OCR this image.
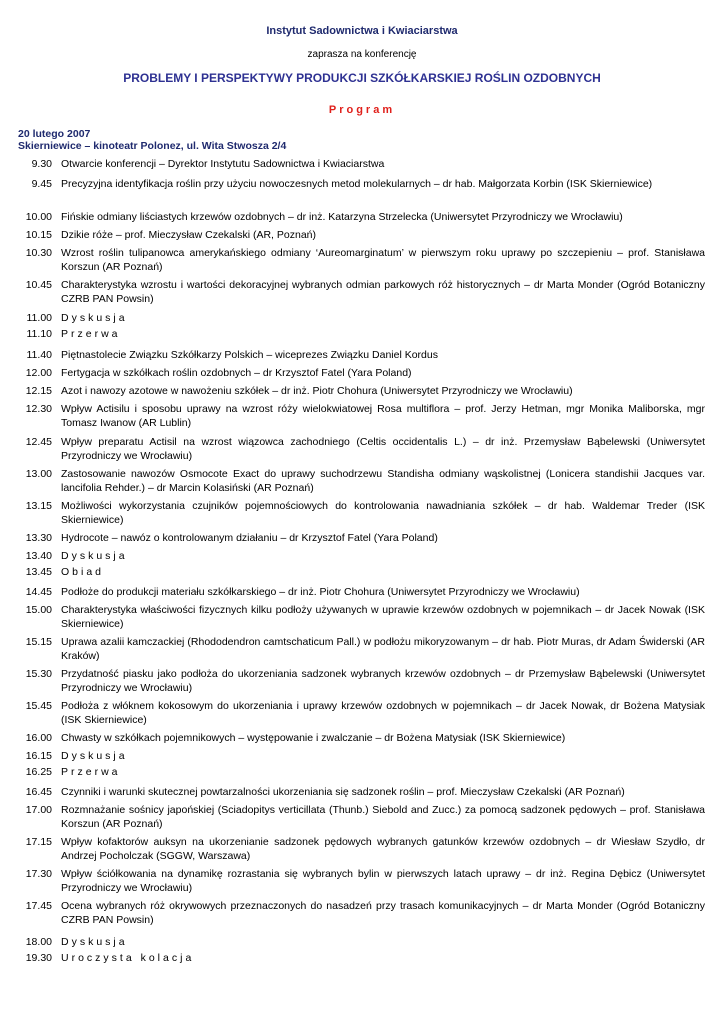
Instytut Sadownictwa i Kwiaciarstwa
zaprasza na konferencję
PROBLEMY I PERSPEKTYWY PRODUKCJI SZKÓŁKARSKIEJ ROŚLIN OZDOBNYCH
Program
20 lutego 2007
Skierniewice – kinoteatr Polonez, ul. Wita Stwosza 2/4
9.30 Otwarcie konferencji – Dyrektor Instytutu Sadownictwa i Kwiaciarstwa
9.45 Precyzyjna identyfikacja roślin przy użyciu nowoczesnych metod molekularnych – dr hab. Małgorzata Korbin (ISK Skierniewice)
10.00 Fińskie odmiany liściastych krzewów ozdobnych – dr inż. Katarzyna Strzelecka (Uniwersytet Przyrodniczy we Wrocławiu)
10.15 Dzikie róże – prof. Mieczysław Czekalski (AR, Poznań)
10.30 Wzrost roślin tulipanowca amerykańskiego odmiany ‘Aureomarginatum’ w pierwszym roku uprawy po szczepieniu – prof. Stanisława Korszun (AR Poznań)
10.45 Charakterystyka wzrostu i wartości dekoracyjnej wybranych odmian parkowych róż historycznych – dr Marta Monder (Ogród Botaniczny CZRB PAN Powsin)
11.00 Dyskusja
11.10 Przerwa
11.40 Piętnastolecie Związku Szkółkarzy Polskich – wiceprezes Związku Daniel Kordus
12.00 Fertygacja w szkółkach roślin ozdobnych – dr Krzysztof Fatel (Yara Poland)
12.15 Azot i nawozy azotowe w nawożeniu szkółek – dr inż. Piotr Chohura (Uniwersytet Przyrodniczy we Wrocławiu)
12.30 Wpływ Actisilu i sposobu uprawy na wzrost róży wielokwiatowej Rosa multiflora – prof. Jerzy Hetman, mgr Monika Maliborska, mgr Tomasz Iwanow (AR Lublin)
12.45 Wpływ preparatu Actisil na wzrost wiązowca zachodniego (Celtis occidentalis L.) – dr inż. Przemysław Bąbelewski (Uniwersytet Przyrodniczy we Wrocławiu)
13.00 Zastosowanie nawozów Osmocote Exact do uprawy suchodrzewu Standisha odmiany wąskolistnej (Lonicera standishii Jacques var. lancifolia Rehder.) – dr Marcin Kolasiński (AR Poznań)
13.15 Możliwości wykorzystania czujników pojemnościowych do kontrolowania nawadniania szkółek – dr hab. Waldemar Treder (ISK Skierniewice)
13.30 Hydrocote – nawóz o kontrolowanym działaniu – dr Krzysztof Fatel (Yara Poland)
13.40 Dyskusja
13.45 Obiad
14.45 Podłoże do produkcji materiału szkółkarskiego – dr inż. Piotr Chohura (Uniwersytet Przyrodniczy we Wrocławiu)
15.00 Charakterystyka właściwości fizycznych kilku podłoży używanych w uprawie krzewów ozdobnych w pojemnikach – dr Jacek Nowak (ISK Skierniewice)
15.15 Uprawa azalii kamczackiej (Rhododendron camtschaticum Pall.) w podłożu mikoryzowanym – dr hab. Piotr Muras, dr Adam Świderski (AR Kraków)
15.30 Przydatność piasku jako podłoża do ukorzeniania sadzonek wybranych krzewów ozdobnych – dr Przemysław Bąbelewski (Uniwersytet Przyrodniczy we Wrocławiu)
15.45 Podłoża z włóknem kokosowym do ukorzeniania i uprawy krzewów ozdobnych w pojemnikach – dr Jacek Nowak, dr Bożena Matysiak (ISK Skierniewice)
16.00 Chwasty w szkółkach pojemnikowych – występowanie i zwalczanie – dr Bożena Matysiak (ISK Skierniewice)
16.15 Dyskusja
16.25 Przerwa
16.45 Czynniki i warunki skutecznej powtarzalności ukorzeniania się sadzonek roślin – prof. Mieczysław Czekalski (AR Poznań)
17.00 Rozmnażanie sośnicy japońskiej (Sciadopitys verticillata (Thunb.) Siebold and Zucc.) za pomocą sadzonek pędowych – prof. Stanisława Korszun (AR Poznań)
17.15 Wpływ kofaktorów auksyn na ukorzenianie sadzonek pędowych wybranych gatunków krzewów ozdobnych – dr Wiesław Szydło, dr Andrzej Pocholczak (SGGW, Warszawa)
17.30 Wpływ ściółkowania na dynamikę rozrastania się wybranych bylin w pierwszych latach uprawy – dr inż. Regina Dębicz (Uniwersytet Przyrodniczy we Wrocławiu)
17.45 Ocena wybranych róż okrywowych przeznaczonych do nasadzeń przy trasach komunikacyjnych – dr Marta Monder (Ogród Botaniczny CZRB PAN Powsin)
18.00 Dyskusja
19.30 Uroczysta kolacja
